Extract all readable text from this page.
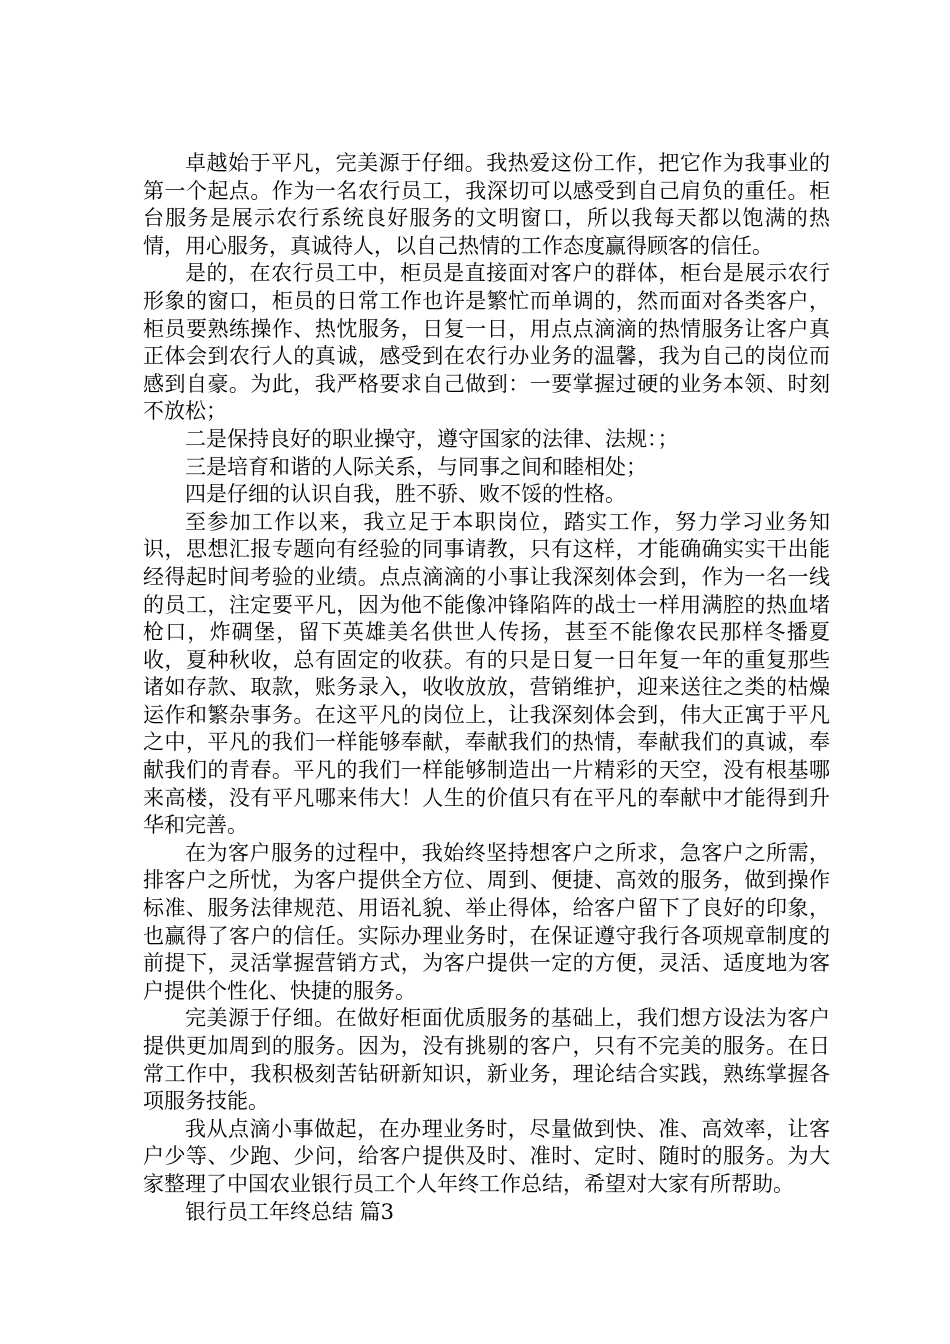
卓越始于平凡，完美源于仔细。我热爱这份工作，把它作为我事业的第一个起点。作为一名农行员工，我深切可以感受到自己肩负的重任。柜台服务是展示农行系统良好服务的文明窗口，所以我每天都以饱满的热情，用心服务，真诚待人，以自己热情的工作态度赢得顾客的信任。

是的，在农行员工中，柜员是直接面对客户的群体，柜台是展示农行形象的窗口，柜员的日常工作也许是繁忙而单调的，然而面对各类客户，柜员要熟练操作、热忱服务，日复一日，用点点滴滴的热情服务让客户真正体会到农行人的真诚，感受到在农行办业务的温馨，我为自己的岗位而感到自豪。为此，我严格要求自己做到：一要掌握过硬的业务本领、时刻不放松；

二是保持良好的职业操守，遵守国家的法律、法规：；

三是培育和谐的人际关系，与同事之间和睦相处；

四是仔细的认识自我，胜不骄、败不馁的性格。

至参加工作以来，我立足于本职岗位，踏实工作，努力学习业务知识，思想汇报专题向有经验的同事请教，只有这样，才能确确实实干出能经得起时间考验的业绩。点点滴滴的小事让我深刻体会到，作为一名一线的员工，注定要平凡，因为他不能像冲锋陷阵的战士一样用满腔的热血堵枪口，炸碉堡，留下英雄美名供世人传扬，甚至不能像农民那样冬播夏收，夏种秋收，总有固定的收获。有的只是日复一日年复一年的重复那些诸如存款、取款，账务录入，收收放放，营销维护，迎来送往之类的枯燥运作和繁杂事务。在这平凡的岗位上，让我深刻体会到，伟大正寓于平凡之中，平凡的我们一样能够奉献，奉献我们的热情，奉献我们的真诚，奉献我们的青春。平凡的我们一样能够制造出一片精彩的天空，没有根基哪来高楼，没有平凡哪来伟大！人生的价值只有在平凡的奉献中才能得到升华和完善。

在为客户服务的过程中，我始终坚持想客户之所求，急客户之所需，排客户之所忧，为客户提供全方位、周到、便捷、高效的服务，做到操作标准、服务法律规范、用语礼貌、举止得体，给客户留下了良好的印象，也赢得了客户的信任。实际办理业务时，在保证遵守我行各项规章制度的前提下，灵活掌握营销方式，为客户提供一定的方便，灵活、适度地为客户提供个性化、快捷的服务。

完美源于仔细。在做好柜面优质服务的基础上，我们想方设法为客户提供更加周到的服务。因为，没有挑剔的客户，只有不完美的服务。在日常工作中，我积极刻苦钻研新知识，新业务，理论结合实践，熟练掌握各项服务技能。

我从点滴小事做起，在办理业务时，尽量做到快、准、高效率，让客户少等、少跑、少问，给客户提供及时、准时、定时、随时的服务。为大家整理了中国农业银行员工个人年终工作总结，希望对大家有所帮助。

银行员工年终总结 篇3
